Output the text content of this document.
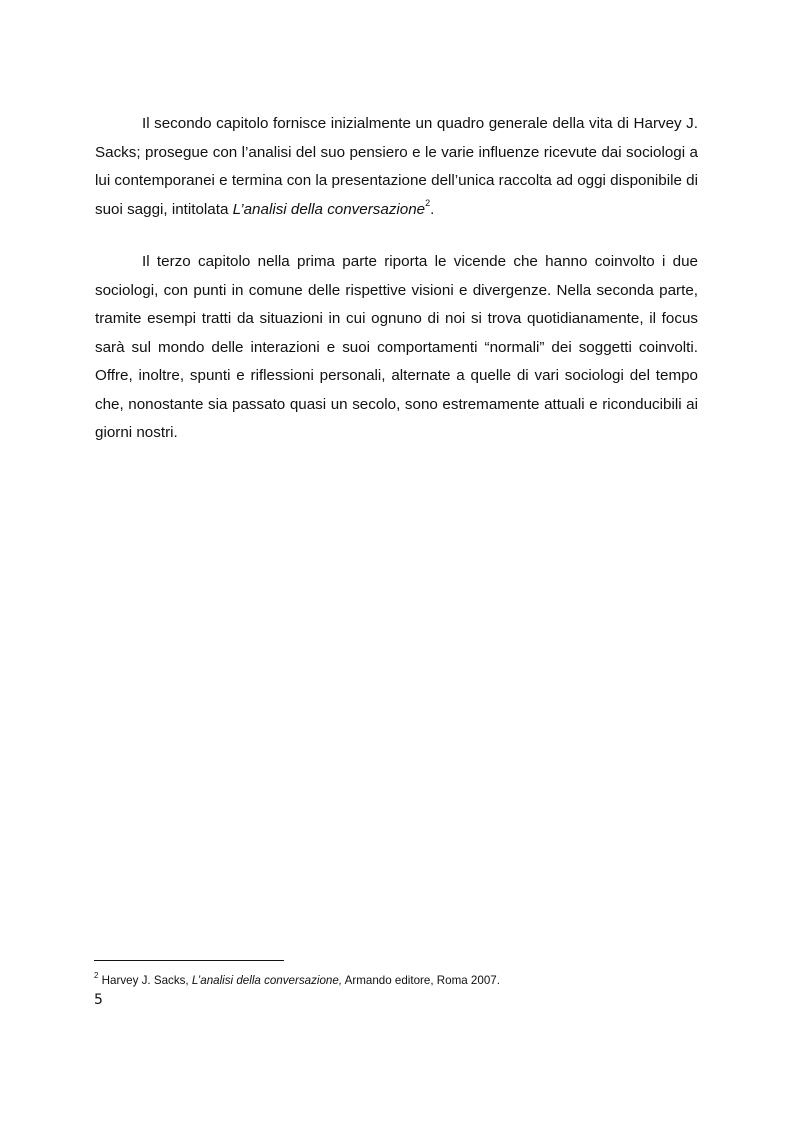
Il secondo capitolo fornisce inizialmente un quadro generale della vita di Harvey J. Sacks; prosegue con l’analisi del suo pensiero e le varie influenze ricevute dai sociologi a lui contemporanei e termina con la presentazione dell’unica raccolta ad oggi disponibile di suoi saggi, intitolata L’analisi della conversazione$^2$.

Il terzo capitolo nella prima parte riporta le vicende che hanno coinvolto i due sociologi, con punti in comune delle rispettive visioni e divergenze. Nella seconda parte, tramite esempi tratti da situazioni in cui ognuno di noi si trova quotidianamente, il focus sarà sul mondo delle interazioni e suoi comportamenti “normali” dei soggetti coinvolti. Offre, inoltre, spunti e riflessioni personali, alternate a quelle di vari sociologi del tempo che, nonostante sia passato quasi un secolo, sono estremamente attuali e riconducibili ai giorni nostri.

$^2$ Harvey J. Sacks, L’analisi della conversazione, Armando editore, Roma 2007.

5
